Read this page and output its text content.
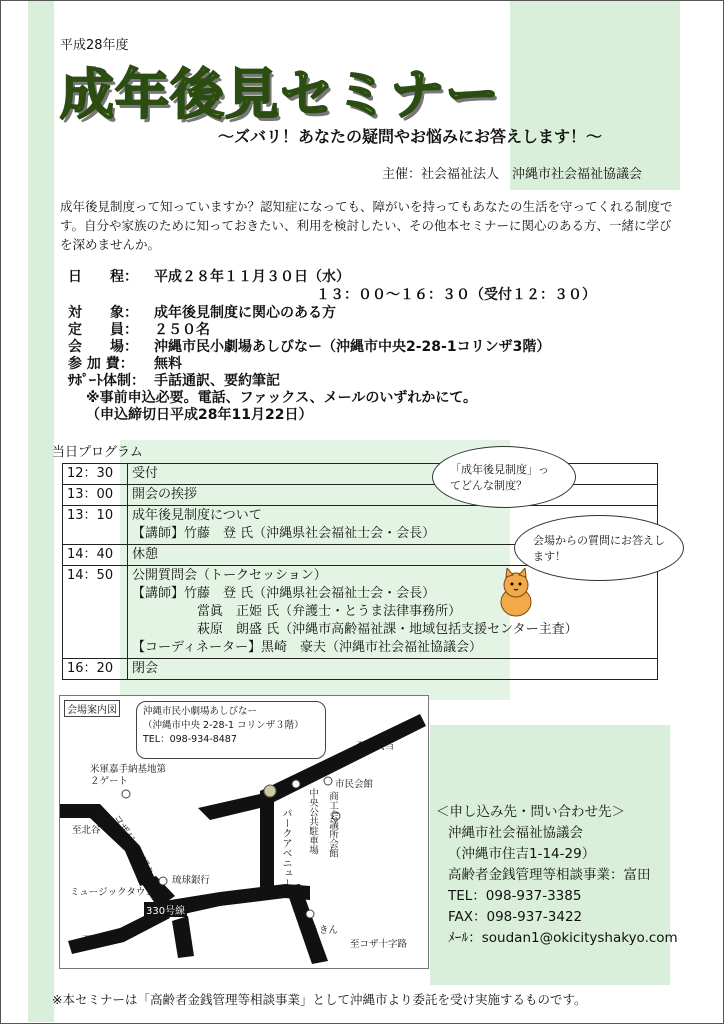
平成28年度
成年後見セミナー
～ズバリ！あなたの疑問やお悩みにお答えします！～
主催：社会福祉法人　沖縄市社会福祉協議会
成年後見制度って知っていますか？認知症になっても、障がいを持ってもあなたの生活を守ってくれる制度です。自分や家族のために知っておきたい、利用を検討したい、その他本セミナーに関心のある方、一緒に学びを深めませんか。
日　　程： 平成２８年１１月３０日（水）
１３：００～１６：３０（受付１２：３０）
対　　象： 成年後見制度に関心のある方
定　　員： ２５０名
会　　場： 沖縄市民小劇場あしびなー（沖縄市中央2-28-1コリンザ3階）
参 加 費： 無料
ｻﾎﾟｰﾄ体制： 手話通訳、要約筆記
※事前申込必要。電話、ファックス、メールのいずれかにて。
（申込締切日平成28年11月22日）
当日プログラム
12：30	受付

13：00	開会の挨拶

13：10	成年後見制度について
【講師】竹藤　登 氏（沖縄県社会福祉士会・会長）

14：40	休憩

14：50	公開質問会（トークセッション）
【講師】竹藤　登 氏（沖縄県社会福祉士会・会長）
　　　　　當眞　正姫 氏（弁護士・とうま法律事務所）
　　　　　萩原　朗盛 氏（沖縄市高齢福祉課・地域包括支援センター主査）
【コーディネーター】黒崎　豪夫（沖縄市社会福祉協議会）

16：20	閉会
「成年後見制度」ってどんな制度？
会場からの質問にお答えします！
会場案内図	沖縄市民小劇場あしびなー
（沖縄市中央 2-28-1 コリンザ３階）
TEL：098-934-8487
米軍嘉手納基地第２ゲート
至池武当
市民会館
中央公共駐車場 商工会議所会館
パークアベニュー
至北谷 コザゲート通り
琉球銀行
ミュージックタウン
330号線
至山里
ろうきん
至コザ十字路
＜申し込み先・問い合わせ先＞
沖縄市社会福祉協議会
（沖縄市住吉1-14-29）
高齢者金銭管理等相談事業：富田
TEL：098-937-3385
FAX：098-937-3422
ﾒｰﾙ：soudan1@okicityshakyo.com
※本セミナーは「高齢者金銭管理等相談事業」として沖縄市より委託を受け実施するものです。
